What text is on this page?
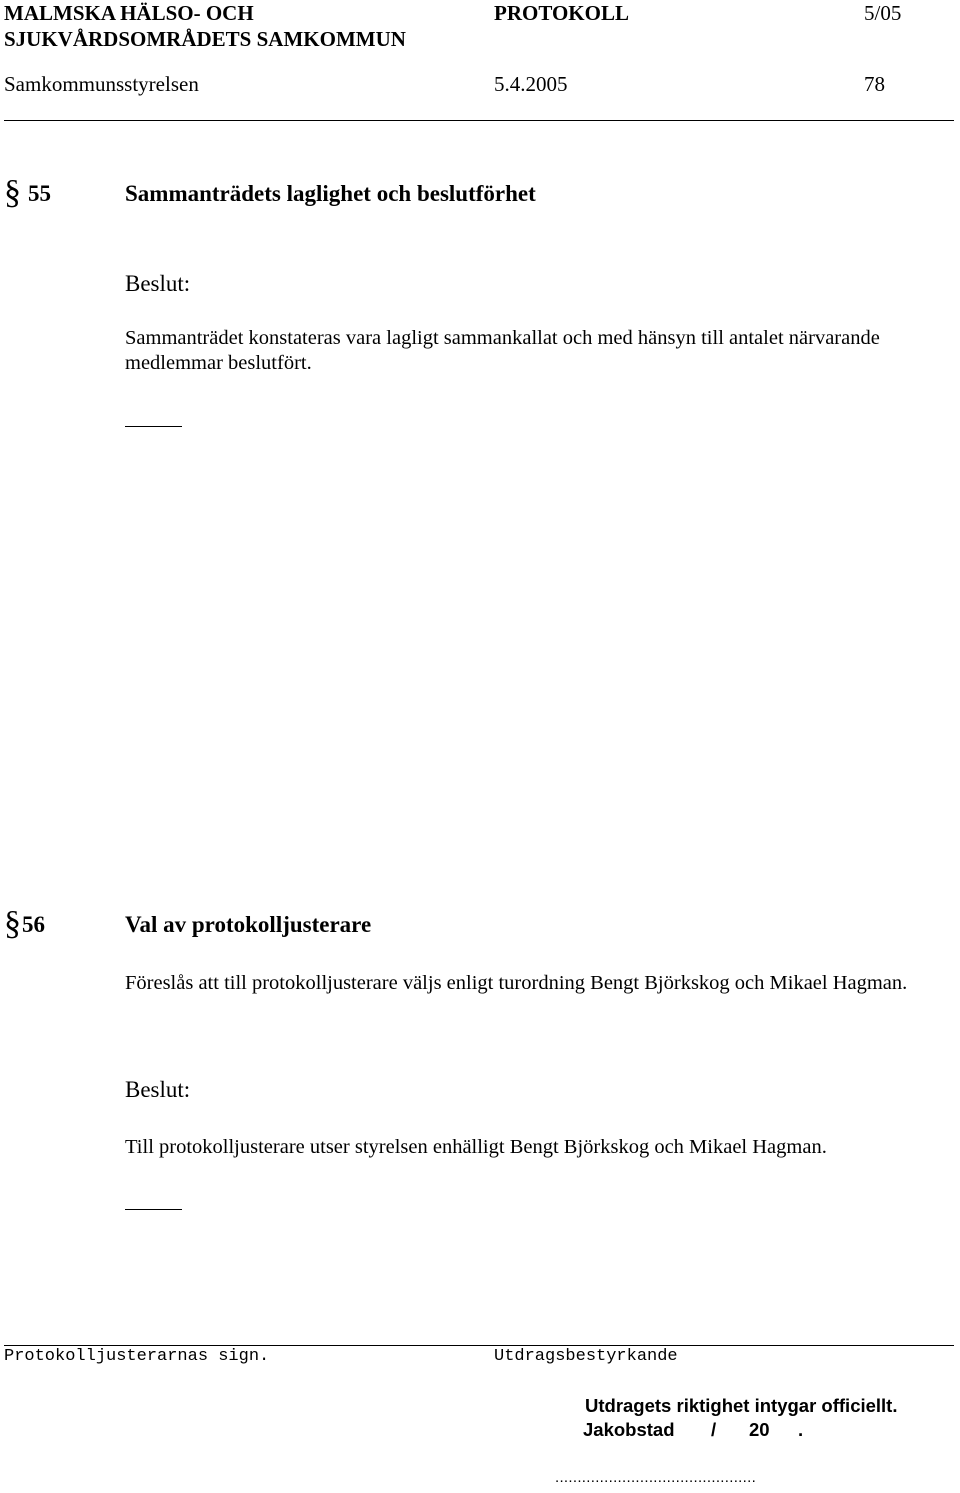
MALMSKA HÄLSO- OCH
SJUKVÅRDSOMRÅDETS SAMKOMMUN
PROTOKOLL	5/05
Samkommunsstyrelsen	5.4.2005	78
§ 55	Sammanträdets laglighet och beslutförhet
Beslut:
Sammanträdet konstateras vara lagligt sammankallat och med hänsyn till antalet närvarande medlemmar beslutfört.
§ 56	Val av protokolljusterare
Föreslås att till protokolljusterare väljs enligt turordning Bengt Björkskog och Mikael Hagman.
Beslut:
Till protokolljusterare utser styrelsen enhälligt Bengt Björkskog och Mikael Hagman.
Protokolljusterarnas sign.	Utdragsbestyrkande
Utdragets riktighet intygar officiellt.
Jakobstad / 20 .
.............................................
